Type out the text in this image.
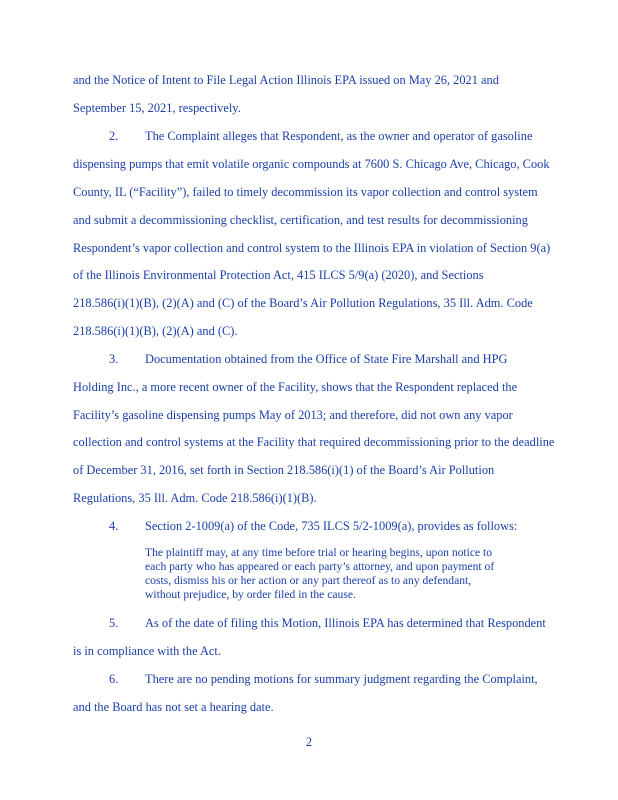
and the Notice of Intent to File Legal Action Illinois EPA issued on May 26, 2021 and
September 15, 2021, respectively.
2. The Complaint alleges that Respondent, as the owner and operator of gasoline
dispensing pumps that emit volatile organic compounds at 7600 S. Chicago Ave, Chicago, Cook
County, IL (“Facility”), failed to timely decommission its vapor collection and control system
and submit a decommissioning checklist, certification, and test results for decommissioning
Respondent’s vapor collection and control system to the Illinois EPA in violation of Section 9(a)
of the Illinois Environmental Protection Act, 415 ILCS 5/9(a) (2020), and Sections
218.586(i)(1)(B), (2)(A) and (C) of the Board’s Air Pollution Regulations, 35 Ill. Adm. Code
218.586(i)(1)(B), (2)(A) and (C).
3. Documentation obtained from the Office of State Fire Marshall and HPG
Holding Inc., a more recent owner of the Facility, shows that the Respondent replaced the
Facility’s gasoline dispensing pumps May of 2013; and therefore, did not own any vapor
collection and control systems at the Facility that required decommissioning prior to the deadline
of December 31, 2016, set forth in Section 218.586(i)(1) of the Board’s Air Pollution
Regulations, 35 Ill. Adm. Code 218.586(i)(1)(B).
4. Section 2-1009(a) of the Code, 735 ILCS 5/2-1009(a), provides as follows:
The plaintiff may, at any time before trial or hearing begins, upon notice to
each party who has appeared or each party’s attorney, and upon payment of
costs, dismiss his or her action or any part thereof as to any defendant,
without prejudice, by order filed in the cause.
5. As of the date of filing this Motion, Illinois EPA has determined that Respondent
is in compliance with the Act.
6. There are no pending motions for summary judgment regarding the Complaint,
and the Board has not set a hearing date.
2
